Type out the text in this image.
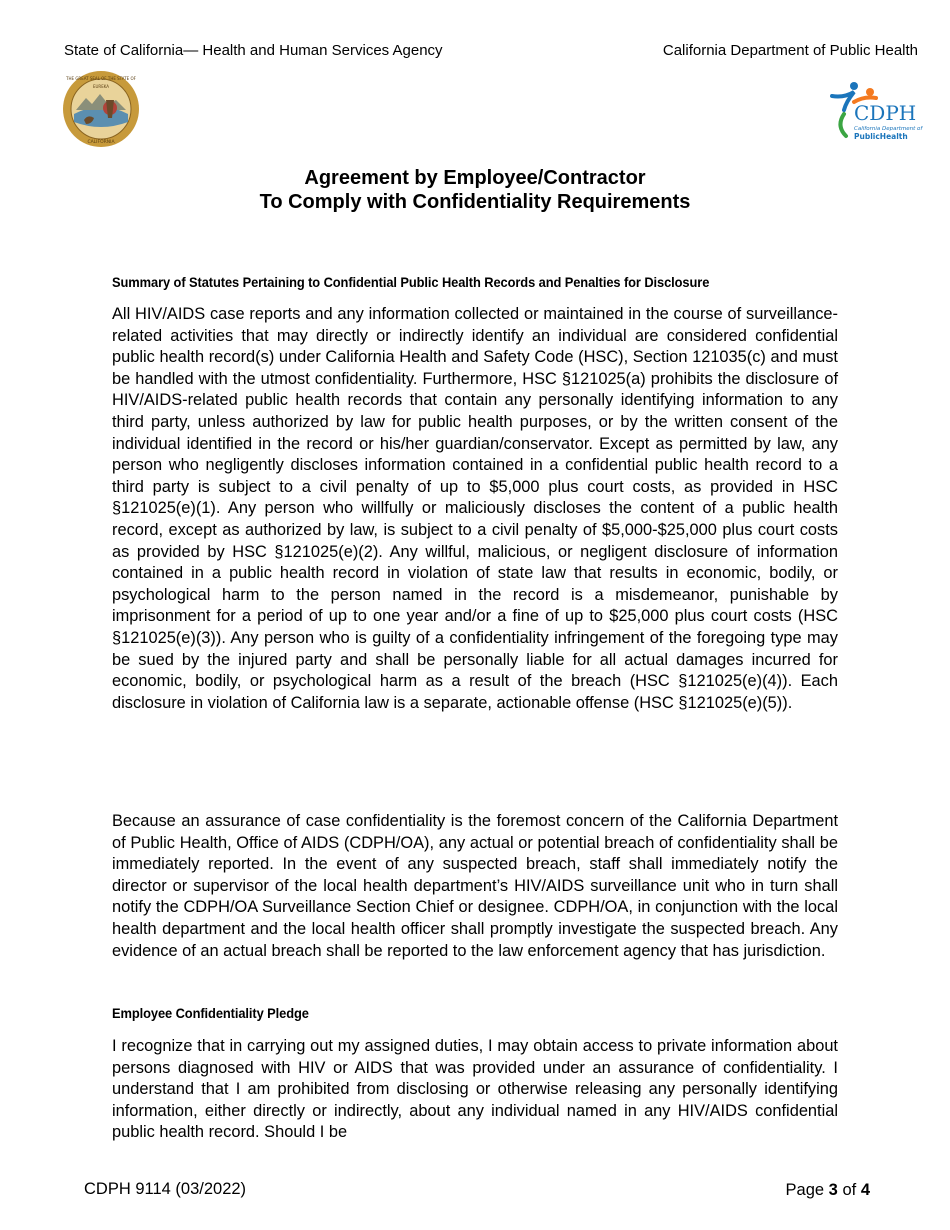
State of California— Health and Human Services Agency	California Department of Public Health
THE GREAT SEAL OF THE STATE OF
EUREKA
CALIFORNIA
CDPH
California Department of
PublicHealth
Agreement by Employee/Contractor
To Comply with Confidentiality Requirements
Summary of Statutes Pertaining to Confidential Public Health Records and Penalties for Disclosure
All HIV/AIDS case reports and any information collected or maintained in the course of surveillance-related activities that may directly or indirectly identify an individual are considered confidential public health record(s) under California Health and Safety Code (HSC), Section 121035(c) and must be handled with the utmost confidentiality. Furthermore, HSC §121025(a) prohibits the disclosure of HIV/AIDS-related public health records that contain any personally identifying information to any third party, unless authorized by law for public health purposes, or by the written consent of the individual identified in the record or his/her guardian/conservator. Except as permitted by law, any person who negligently discloses information contained in a confidential public health record to a third party is subject to a civil penalty of up to $5,000 plus court costs, as provided in HSC §121025(e)(1). Any person who willfully or maliciously discloses the content of a public health record, except as authorized by law, is subject to a civil penalty of $5,000-$25,000 plus court costs as provided by HSC §121025(e)(2). Any willful, malicious, or negligent disclosure of information contained in a public health record in violation of state law that results in economic, bodily, or psychological harm to the person named in the record is a misdemeanor, punishable by imprisonment for a period of up to one year and/or a fine of up to $25,000 plus court costs (HSC §121025(e)(3)). Any person who is guilty of a confidentiality infringement of the foregoing type may be sued by the injured party and shall be personally liable for all actual damages incurred for economic, bodily, or psychological harm as a result of the breach (HSC §121025(e)(4)). Each disclosure in violation of California law is a separate, actionable offense (HSC §121025(e)(5)).
Because an assurance of case confidentiality is the foremost concern of the California Department of Public Health, Office of AIDS (CDPH/OA), any actual or potential breach of confidentiality shall be immediately reported. In the event of any suspected breach, staff shall immediately notify the director or supervisor of the local health department’s HIV/AIDS surveillance unit who in turn shall notify the CDPH/OA Surveillance Section Chief or designee. CDPH/OA, in conjunction with the local health department and the local health officer shall promptly investigate the suspected breach. Any evidence of an actual breach shall be reported to the law enforcement agency that has jurisdiction.
Employee Confidentiality Pledge
I recognize that in carrying out my assigned duties, I may obtain access to private information about persons diagnosed with HIV or AIDS that was provided under an assurance of confidentiality. I understand that I am prohibited from disclosing or otherwise releasing any personally identifying information, either directly or indirectly, about any individual named in any HIV/AIDS confidential public health record. Should I be
CDPH 9114 (03/2022)	Page 3 of 4
